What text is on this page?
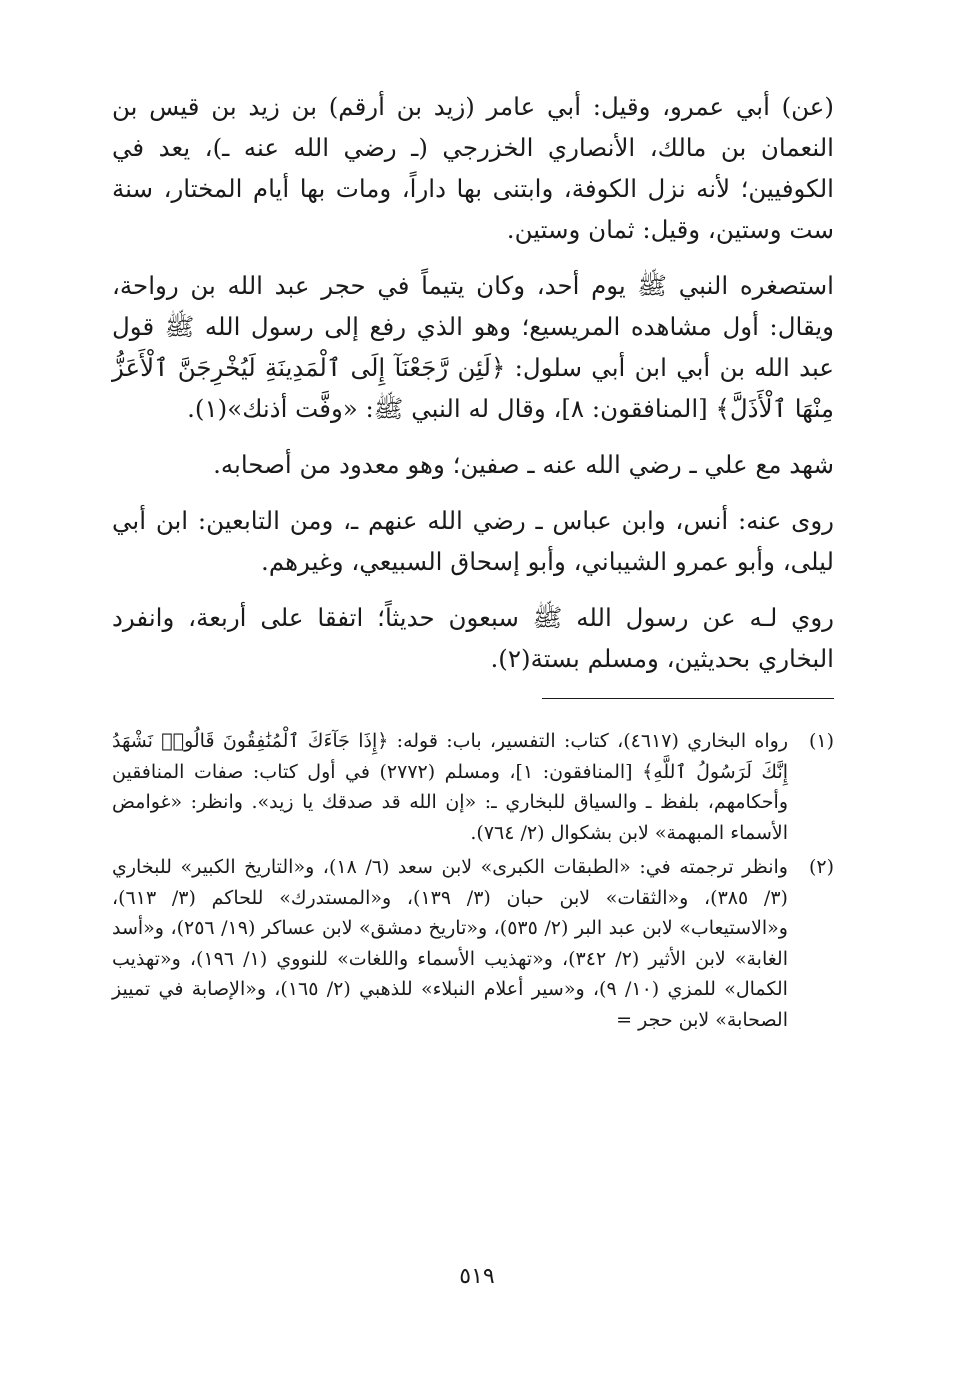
(عن) أبي عمرو، وقيل: أبي عامر (زيد بن أرقم) بن زيد بن قيس بن النعمان بن مالك، الأنصاري الخزرجي (ـ رضي الله عنه ـ)، يعد في الكوفيين؛ لأنه نزل الكوفة، وابتنى بها داراً، ومات بها أيام المختار، سنة ست وستين، وقيل: ثمان وستين.

استصغره النبي ﷺ يوم أحد، وكان يتيماً في حجر عبد الله بن رواحة، ويقال: أول مشاهده المريسيع؛ وهو الذي رفع إلى رسول الله ﷺ قول عبد الله بن أبي ابن أبي سلول: ﴿لَئِن رَّجَعْنَآ إِلَى ٱلْمَدِينَةِ لَيُخْرِجَنَّ ٱلْأَعَزُّ مِنْهَا ٱلْأَذَلَّ﴾ [المنافقون: ٨]، وقال له النبي ﷺ: «وفَّت أذنك»(١).

شهد مع علي ـ رضي الله عنه ـ صفين؛ وهو معدود من أصحابه.

روى عنه: أنس، وابن عباس ـ رضي الله عنهم ـ، ومن التابعين: ابن أبي ليلى، وأبو عمرو الشيباني، وأبو إسحاق السبيعي، وغيرهم.

روي لـه عن رسول الله ﷺ سبعون حديثاً؛ اتفقا على أربعة، وانفرد البخاري بحديثين، ومسلم بستة(٢).

(١)
رواه البخاري (٤٦١٧)، كتاب: التفسير، باب: قوله: ﴿إِذَا جَآءَكَ ٱلْمُنَٰفِقُونَ قَالُوا۟ نَشْهَدُ إِنَّكَ لَرَسُولُ ٱللَّهِ﴾ [المنافقون: ١]، ومسلم (٢٧٧٢) في أول كتاب: صفات المنافقين وأحكامهم، بلفظ ـ والسياق للبخاري ـ: «إن الله قد صدقك يا زيد». وانظر: «غوامض الأسماء المبهمة» لابن بشكوال (٢/ ٧٦٤).
(٢)
وانظر ترجمته في: «الطبقات الكبرى» لابن سعد (٦/ ١٨)، و«التاريخ الكبير» للبخاري (٣/ ٣٨٥)، و«الثقات» لابن حبان (٣/ ١٣٩)، و«المستدرك» للحاكم (٣/ ٦١٣)، و«الاستيعاب» لابن عبد البر (٢/ ٥٣٥)، و«تاريخ دمشق» لابن عساكر (١٩/ ٢٥٦)، و«أسد الغابة» لابن الأثير (٢/ ٣٤٢)، و«تهذيب الأسماء واللغات» للنووي (١/ ١٩٦)، و«تهذيب الكمال» للمزي (١٠/ ٩)، و«سير أعلام النبلاء» للذهبي (٢/ ١٦٥)، و«الإصابة في تمييز الصحابة» لابن حجر =
٥١٩
